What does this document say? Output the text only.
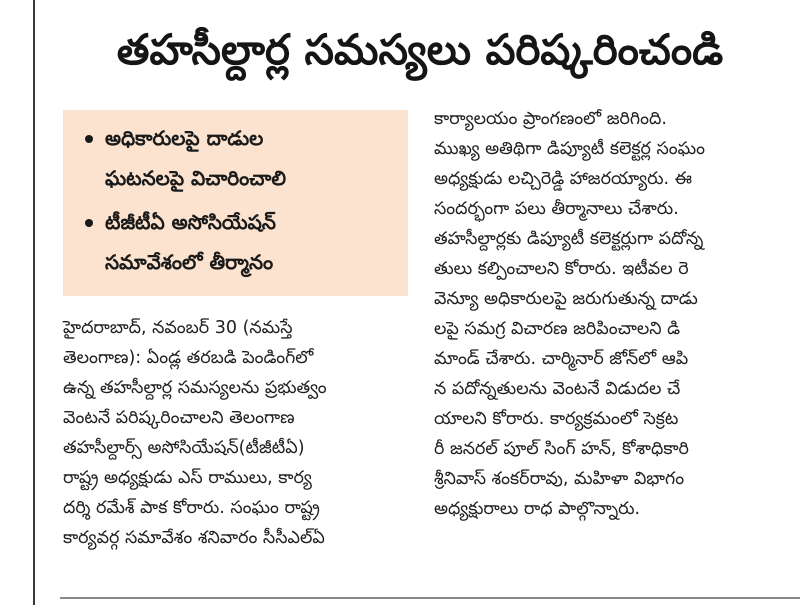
తహసీల్దార్ల సమస్యలు పరిష్కరించండి
అధికారులపై దాడుల
ఘటనలపై విచారించాలి
టీజీటీఏ అసోసియేషన్
సమావేశంలో తీర్మానం
హైదరాబాద్, నవంబర్ 30 (నమస్తే
తెలంగాణ): ఏండ్ల తరబడి పెండింగ్‌లో
ఉన్న తహసీల్దార్ల సమస్యలను ప్రభుత్వం
వెంటనే పరిష్కరించాలని తెలంగాణ
తహసీల్దార్స్ అసోసియేషన్(టీజీటీఏ)
రాష్ట్ర అధ్యక్షుడు ఎస్ రాములు, కార్య
దర్శి రమేశ్ పాక కోరారు. సంఘం రాష్ట్ర
కార్యవర్గ సమావేశం శనివారం సీసీఎల్‌ఏ
కార్యాలయం ప్రాంగణంలో జరిగింది.
ముఖ్య అతిథిగా డిప్యూటీ కలెక్టర్ల సంఘం
అధ్యక్షుడు లచ్చిరెడ్డి హాజరయ్యారు. ఈ
సందర్భంగా పలు తీర్మానాలు చేశారు.
తహసీల్దార్లకు డిప్యూటీ కలెక్టర్లుగా పదోన్న
తులు కల్పించాలని కోరారు. ఇటీవల రె
వెన్యూ అధికారులపై జరుగుతున్న దాడు
లపై సమగ్ర విచారణ జరిపించాలని డి
మాండ్ చేశారు. చార్మినార్ జోన్‌లో ఆపి
న పదోన్నతులను వెంటనే విడుదల చే
యాలని కోరారు. కార్యక్రమంలో సెక్రట
రీ జనరల్ పూల్ సింగ్ హన్, కోశాధికారి
శ్రీనివాస్ శంకర్‌రావు, మహిళా విభాగం
అధ్యక్షురాలు రాధ పాల్గొన్నారు.
